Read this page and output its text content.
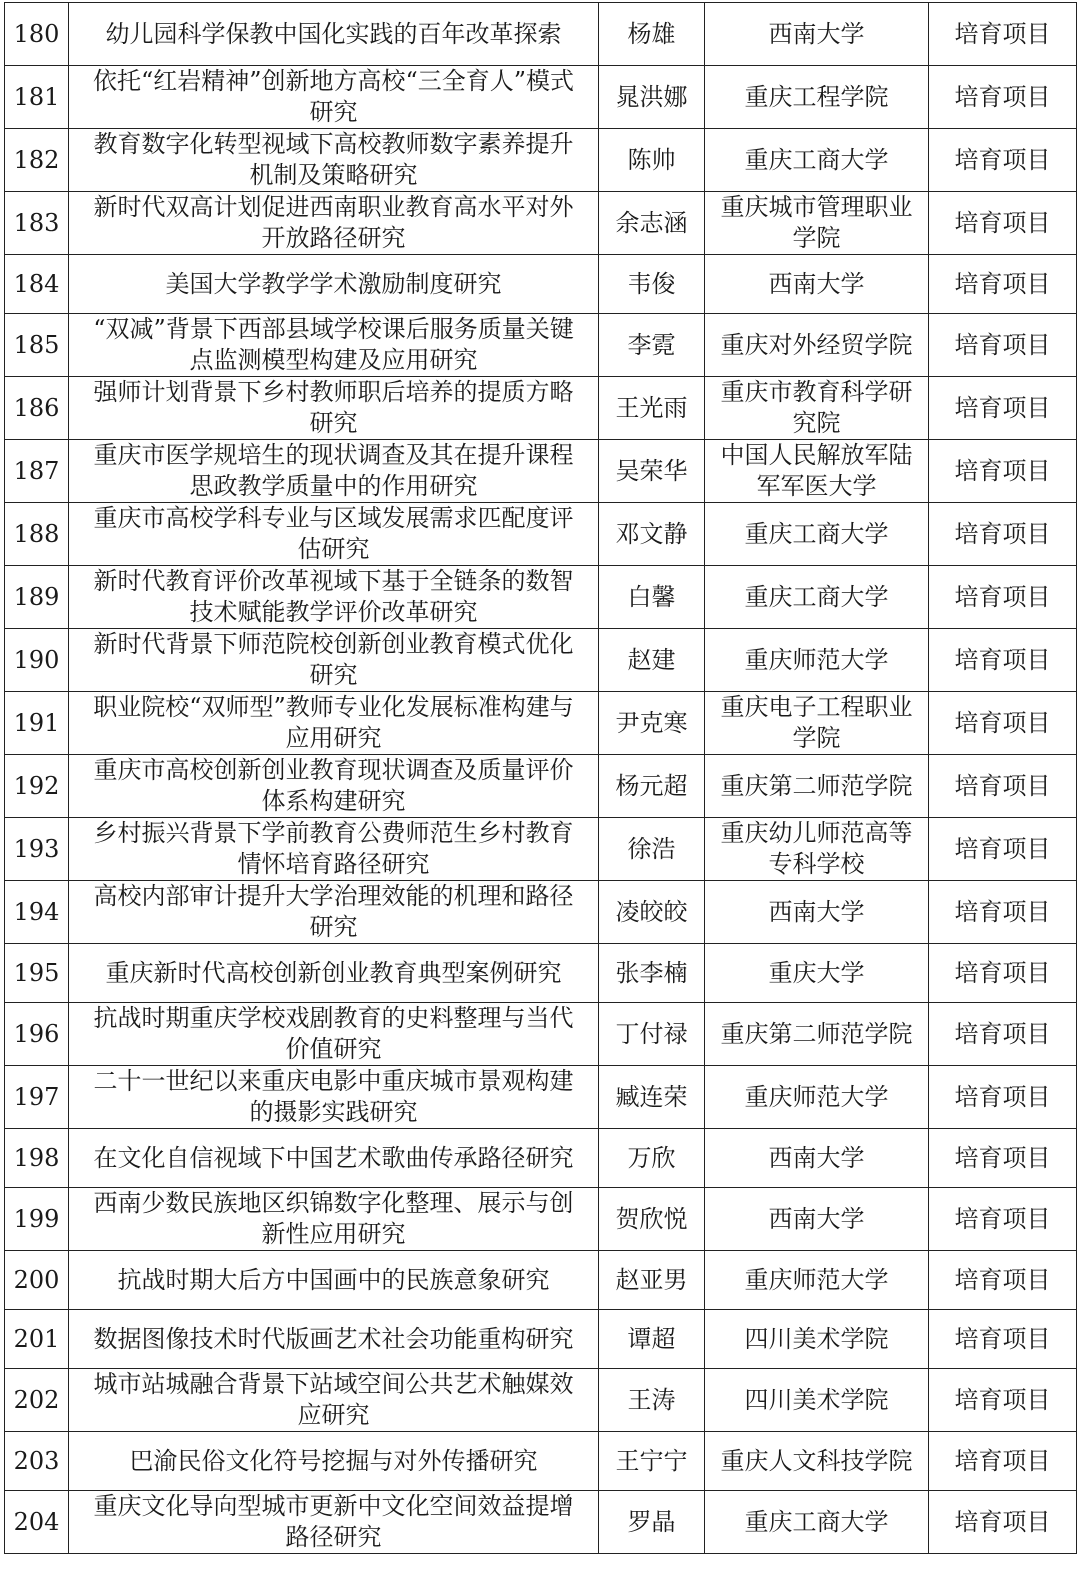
180	幼儿园科学保教中国化实践的百年改革探索	杨雄	西南大学	培育项目
181	依托“红岩精神”创新地方高校“三全育人”模式研究	晁洪娜	重庆工程学院	培育项目
182	教育数字化转型视域下高校教师数字素养提升机制及策略研究	陈帅	重庆工商大学	培育项目
183	新时代双高计划促进西南职业教育高水平对外开放路径研究	余志涵	重庆城市管理职业学院	培育项目
184	美国大学教学学术激励制度研究	韦俊	西南大学	培育项目
185	“双减”背景下西部县域学校课后服务质量关键点监测模型构建及应用研究	李霓	重庆对外经贸学院	培育项目
186	强师计划背景下乡村教师职后培养的提质方略研究	王光雨	重庆市教育科学研究院	培育项目
187	重庆市医学规培生的现状调查及其在提升课程思政教学质量中的作用研究	吴荣华	中国人民解放军陆军军医大学	培育项目
188	重庆市高校学科专业与区域发展需求匹配度评估研究	邓文静	重庆工商大学	培育项目
189	新时代教育评价改革视域下基于全链条的数智技术赋能教学评价改革研究	白馨	重庆工商大学	培育项目
190	新时代背景下师范院校创新创业教育模式优化研究	赵建	重庆师范大学	培育项目
191	职业院校“双师型”教师专业化发展标准构建与应用研究	尹克寒	重庆电子工程职业学院	培育项目
192	重庆市高校创新创业教育现状调查及质量评价体系构建研究	杨元超	重庆第二师范学院	培育项目
193	乡村振兴背景下学前教育公费师范生乡村教育情怀培育路径研究	徐浩	重庆幼儿师范高等专科学校	培育项目
194	高校内部审计提升大学治理效能的机理和路径研究	凌皎皎	西南大学	培育项目
195	重庆新时代高校创新创业教育典型案例研究	张李楠	重庆大学	培育项目
196	抗战时期重庆学校戏剧教育的史料整理与当代价值研究	丁付禄	重庆第二师范学院	培育项目
197	二十一世纪以来重庆电影中重庆城市景观构建的摄影实践研究	臧连荣	重庆师范大学	培育项目
198	在文化自信视域下中国艺术歌曲传承路径研究	万欣	西南大学	培育项目
199	西南少数民族地区织锦数字化整理、展示与创新性应用研究	贺欣悦	西南大学	培育项目
200	抗战时期大后方中国画中的民族意象研究	赵亚男	重庆师范大学	培育项目
201	数据图像技术时代版画艺术社会功能重构研究	谭超	四川美术学院	培育项目
202	城市站城融合背景下站域空间公共艺术触媒效应研究	王涛	四川美术学院	培育项目
203	巴渝民俗文化符号挖掘与对外传播研究	王宁宁	重庆人文科技学院	培育项目
204	重庆文化导向型城市更新中文化空间效益提增路径研究	罗晶	重庆工商大学	培育项目
